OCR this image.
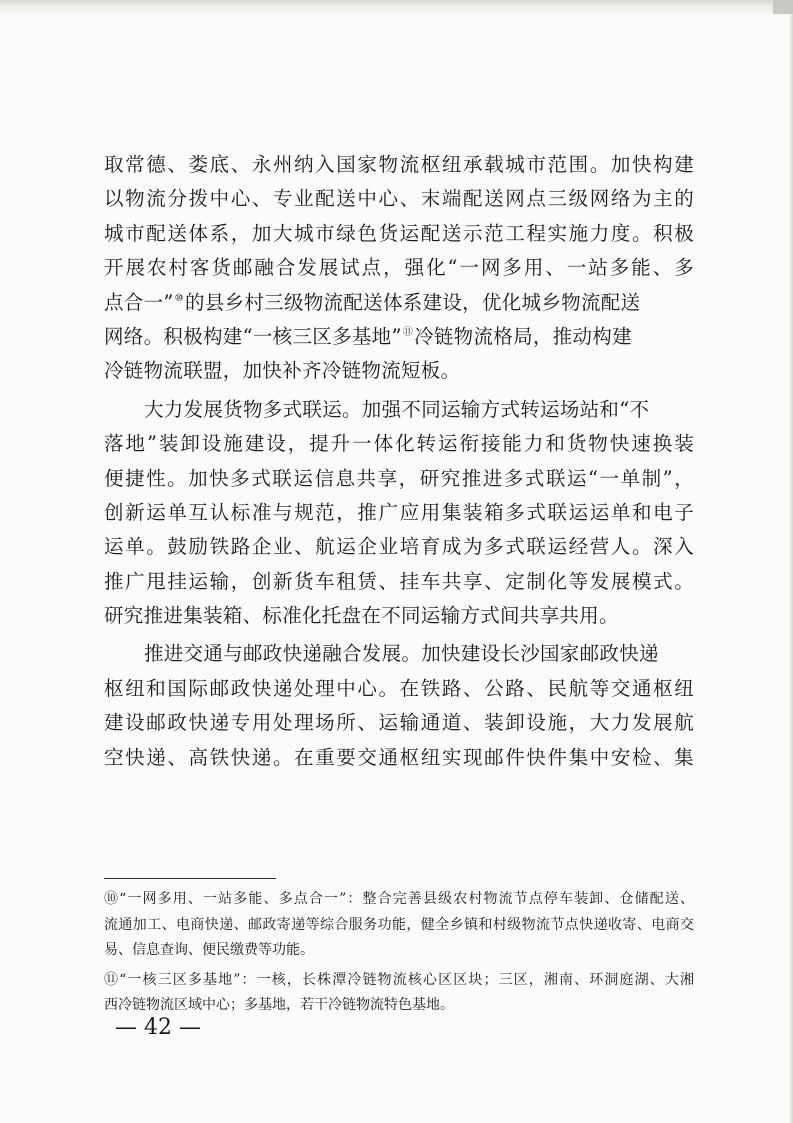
取常德、娄底、永州纳入国家物流枢纽承载城市范围。加快构建
以物流分拨中心、专业配送中心、末端配送网点三级网络为主的
城市配送体系，加大城市绿色货运配送示范工程实施力度。积极
开展农村客货邮融合发展试点，强化“一网多用、一站多能、多
点合一”⑩的县乡村三级物流配送体系建设，优化城乡物流配送
网络。积极构建“一核三区多基地”⑪冷链物流格局，推动构建
冷链物流联盟，加快补齐冷链物流短板。
大力发展货物多式联运。加强不同运输方式转运场站和“不
落地”装卸设施建设，提升一体化转运衔接能力和货物快速换装
便捷性。加快多式联运信息共享，研究推进多式联运“一单制”，
创新运单互认标准与规范，推广应用集装箱多式联运运单和电子
运单。鼓励铁路企业、航运企业培育成为多式联运经营人。深入
推广甩挂运输，创新货车租赁、挂车共享、定制化等发展模式。
研究推进集装箱、标准化托盘在不同运输方式间共享共用。
推进交通与邮政快递融合发展。加快建设长沙国家邮政快递
枢纽和国际邮政快递处理中心。在铁路、公路、民航等交通枢纽
建设邮政快递专用处理场所、运输通道、装卸设施，大力发展航
空快递、高铁快递。在重要交通枢纽实现邮件快件集中安检、集
⑩“一网多用、一站多能、多点合一”：整合完善县级农村物流节点停车装卸、仓储配送、
流通加工、电商快递、邮政寄递等综合服务功能，健全乡镇和村级物流节点快递收寄、电商交
易、信息查询、便民缴费等功能。
⑪“一核三区多基地”：一核，长株潭冷链物流核心区区块；三区，湘南、环洞庭湖、大湘
西冷链物流区域中心；多基地，若干冷链物流特色基地。
— 42 —
